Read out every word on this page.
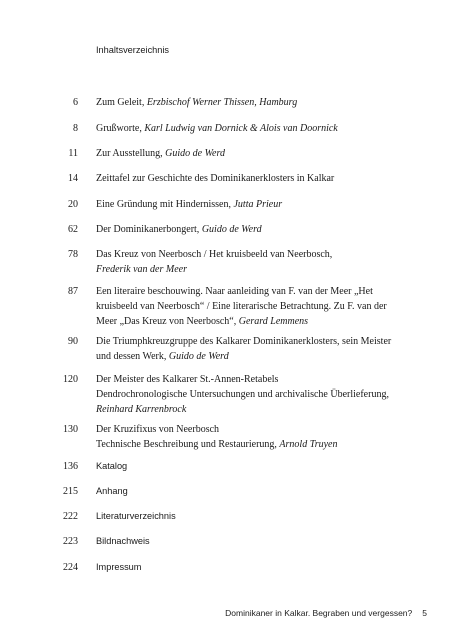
Inhaltsverzeichnis
6 Zum Geleit, Erzbischof Werner Thissen, Hamburg
8 Grußworte, Karl Ludwig van Dornick & Alois van Doornick
11 Zur Ausstellung, Guido de Werd
14 Zeittafel zur Geschichte des Dominikanerklosters in Kalkar
20 Eine Gründung mit Hindernissen, Jutta Prieur
62 Der Dominikanerbongert, Guido de Werd
78 Das Kreuz von Neerbosch / Het kruisbeeld van Neerbosch,
Frederik van der Meer
87 Een literaire beschouwing. Naar aanleiding van F. van der Meer „Het
kruisbeeld van Neerbosch“ / Eine literarische Betrachtung. Zu F. van der
Meer „Das Kreuz von Neerbosch“, Gerard Lemmens
90 Die Triumphkreuzgruppe des Kalkarer Dominikanerklosters, sein Meister
und dessen Werk, Guido de Werd
120 Der Meister des Kalkarer St.-Annen-Retabels
Dendrochronologische Untersuchungen und archivalische Überlieferung,
Reinhard Karrenbrock
130 Der Kruzifixus von Neerbosch
Technische Beschreibung und Restaurierung, Arnold Truyen
136 Katalog
215 Anhang
222 Literaturverzeichnis
223 Bildnachweis
224 Impressum
Dominikaner in Kalkar. Begraben und vergessen? 5
